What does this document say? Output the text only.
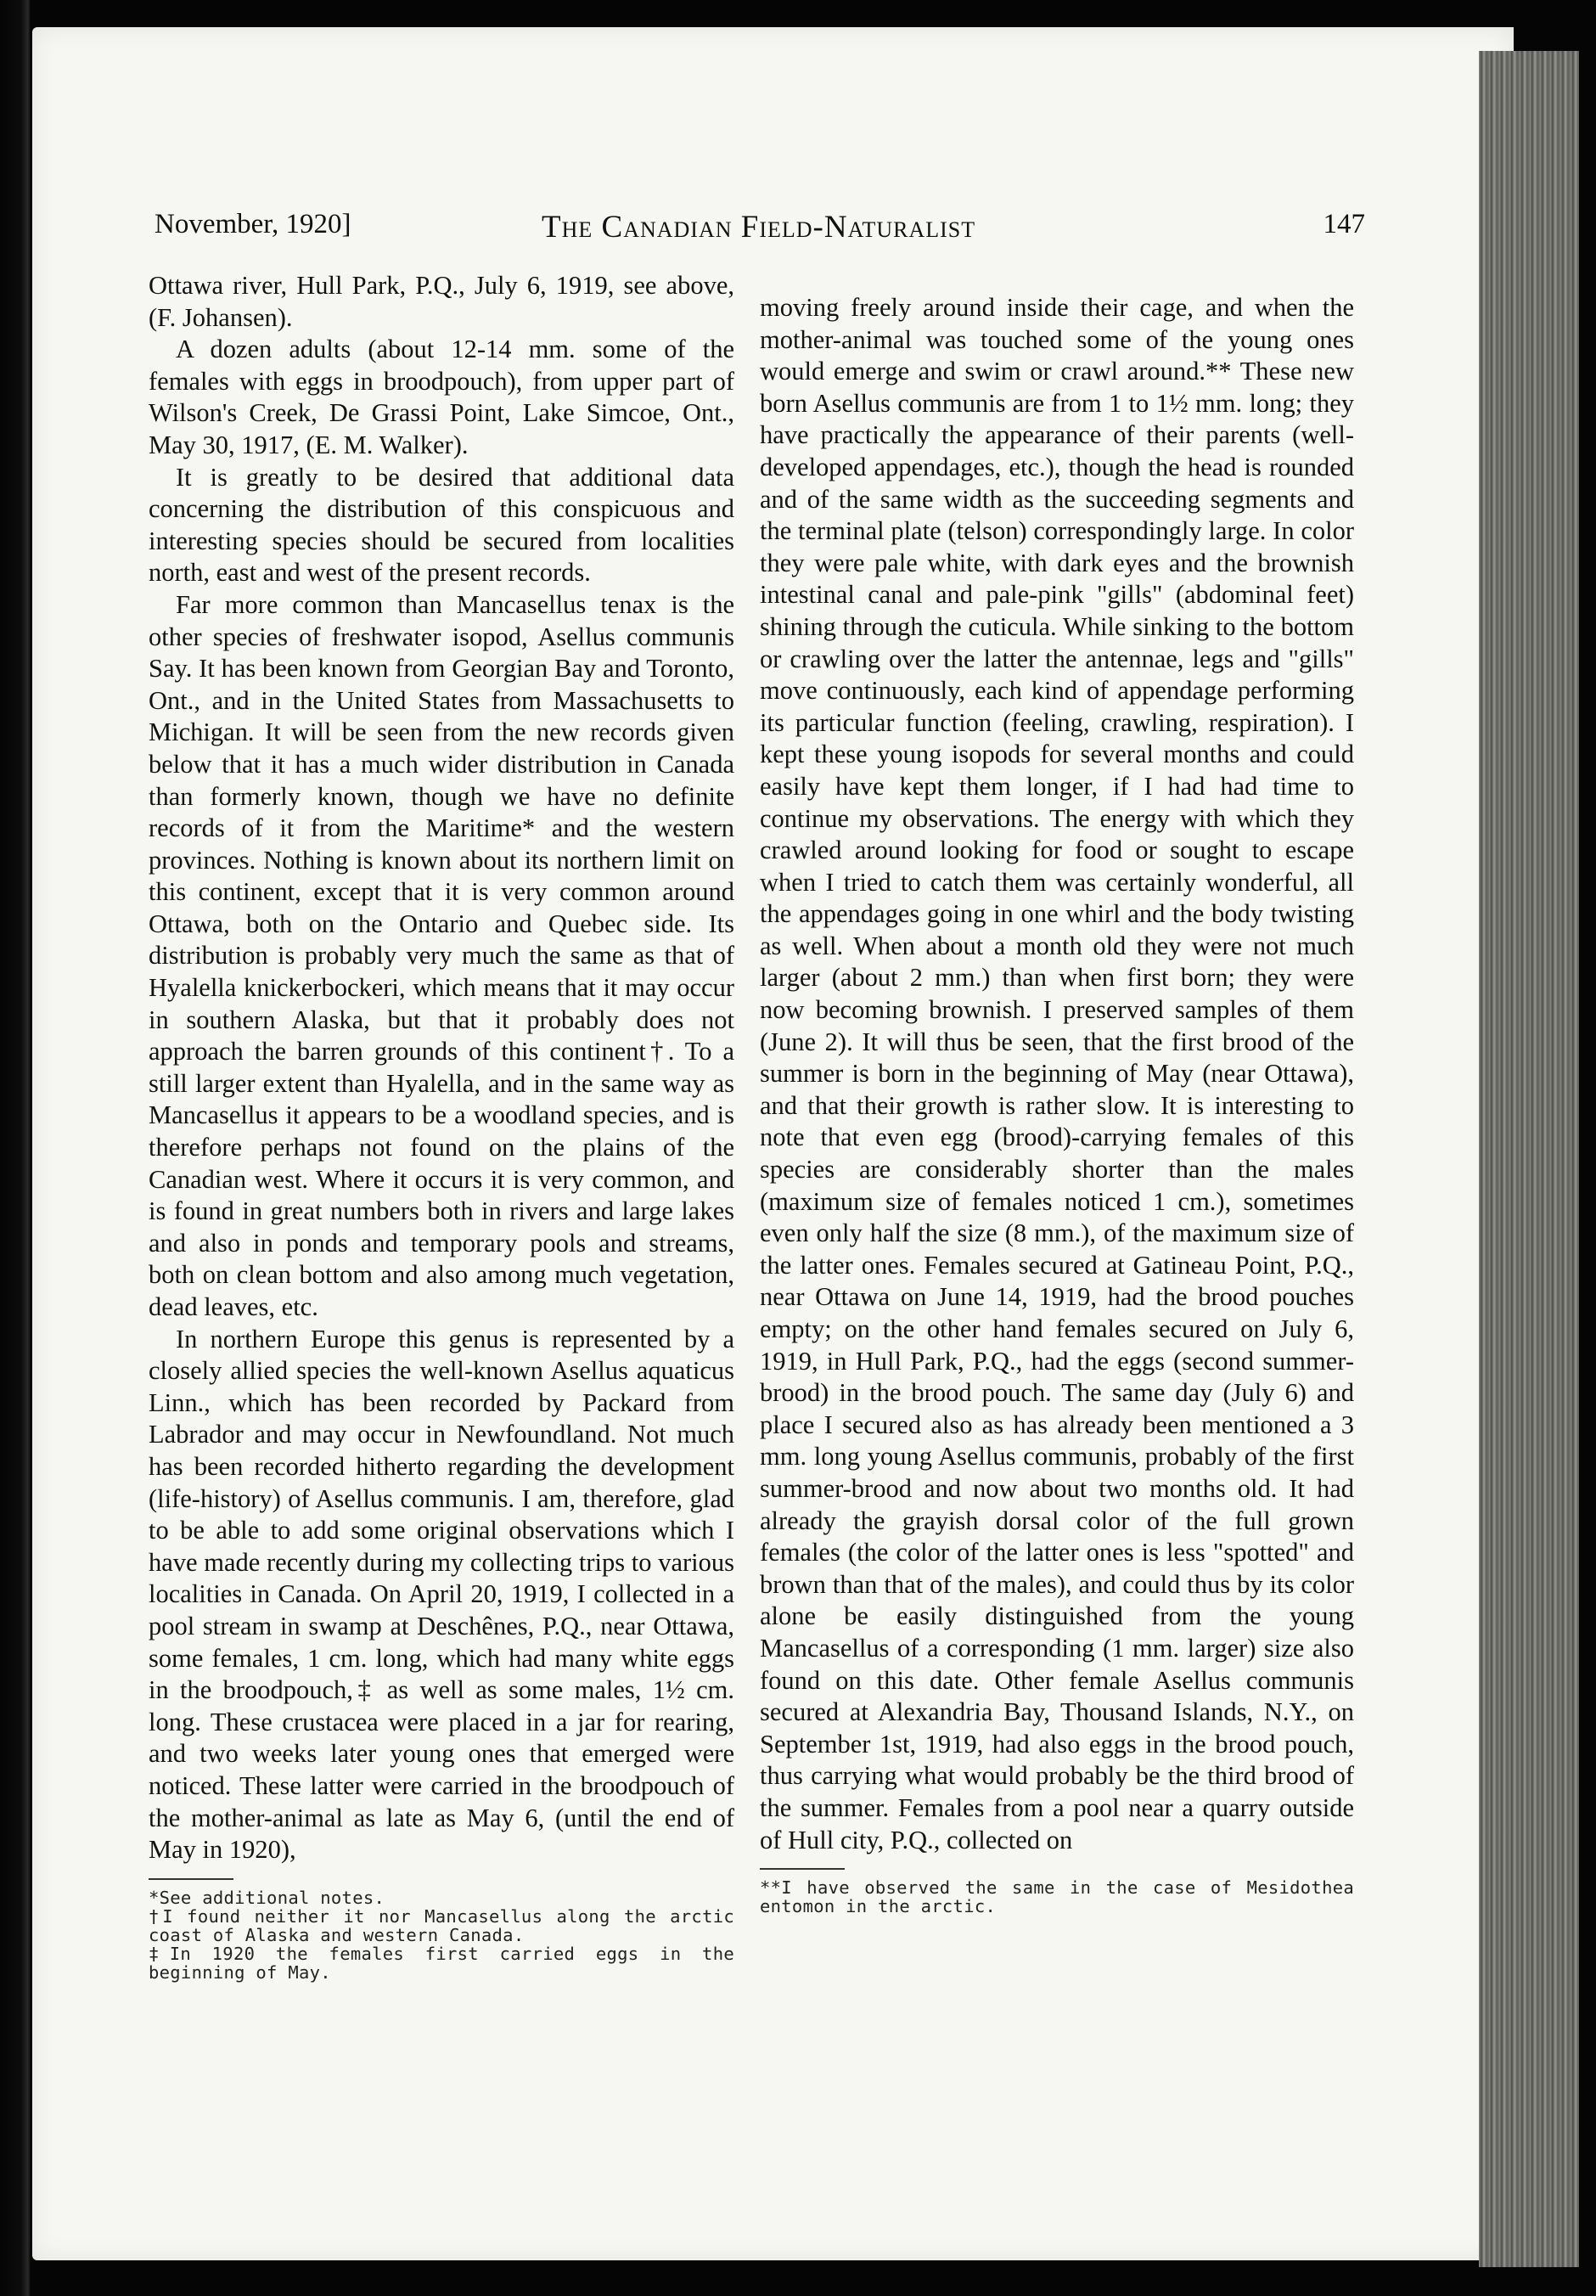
November, 1920]	The Canadian Field-Naturalist	147

Ottawa river, Hull Park, P.Q., July 6, 1919, see above, (F. Johansen).

A dozen adults (about 12-14 mm. some of the females with eggs in broodpouch), from upper part of Wilson's Creek, De Grassi Point, Lake Simcoe, Ont., May 30, 1917, (E. M. Walker).

It is greatly to be desired that additional data concerning the distribution of this conspicuous and interesting species should be secured from localities north, east and west of the present records.

Far more common than Mancasellus tenax is the other species of freshwater isopod, Asellus communis Say. It has been known from Georgian Bay and Toronto, Ont., and in the United States from Massachusetts to Michigan. It will be seen from the new records given below that it has a much wider distribution in Canada than formerly known, though we have no definite records of it from the Maritime* and the western provinces. Nothing is known about its northern limit on this continent, except that it is very common around Ottawa, both on the Ontario and Quebec side. Its distribution is probably very much the same as that of Hyalella knickerbockeri, which means that it may occur in southern Alaska, but that it probably does not approach the barren grounds of this continent†. To a still larger extent than Hyalella, and in the same way as Mancasellus it appears to be a woodland species, and is therefore perhaps not found on the plains of the Canadian west. Where it occurs it is very common, and is found in great numbers both in rivers and large lakes and also in ponds and temporary pools and streams, both on clean bottom and also among much vegetation, dead leaves, etc.

In northern Europe this genus is represented by a closely allied species the well-known Asellus aquaticus Linn., which has been recorded by Packard from Labrador and may occur in Newfoundland. Not much has been recorded hitherto regarding the development (life-history) of Asellus communis. I am, therefore, glad to be able to add some original observations which I have made recently during my collecting trips to various localities in Canada. On April 20, 1919, I collected in a pool stream in swamp at Deschênes, P.Q., near Ottawa, some females, 1 cm. long, which had many white eggs in the broodpouch,‡ as well as some males, 1½ cm. long. These crustacea were placed in a jar for rearing, and two weeks later young ones that emerged were noticed. These latter were carried in the broodpouch of the mother-animal as late as May 6, (until the end of May in 1920),

*See additional notes.

†I found neither it nor Mancasellus along the arctic coast of Alaska and western Canada.

‡In 1920 the females first carried eggs in the beginning of May.

moving freely around inside their cage, and when the mother-animal was touched some of the young ones would emerge and swim or crawl around.** These new born Asellus communis are from 1 to 1½ mm. long; they have practically the appearance of their parents (well-developed appendages, etc.), though the head is rounded and of the same width as the succeeding segments and the terminal plate (telson) correspondingly large. In color they were pale white, with dark eyes and the brownish intestinal canal and pale-pink "gills" (abdominal feet) shining through the cuticula. While sinking to the bottom or crawling over the latter the antennae, legs and "gills" move continuously, each kind of appendage performing its particular function (feeling, crawling, respiration). I kept these young isopods for several months and could easily have kept them longer, if I had had time to continue my observations. The energy with which they crawled around looking for food or sought to escape when I tried to catch them was certainly wonderful, all the appendages going in one whirl and the body twisting as well. When about a month old they were not much larger (about 2 mm.) than when first born; they were now becoming brownish. I preserved samples of them (June 2). It will thus be seen, that the first brood of the summer is born in the beginning of May (near Ottawa), and that their growth is rather slow. It is interesting to note that even egg (brood)-carrying females of this species are considerably shorter than the males (maximum size of females noticed 1 cm.), sometimes even only half the size (8 mm.), of the maximum size of the latter ones. Females secured at Gatineau Point, P.Q., near Ottawa on June 14, 1919, had the brood pouches empty; on the other hand females secured on July 6, 1919, in Hull Park, P.Q., had the eggs (second summer-brood) in the brood pouch. The same day (July 6) and place I secured also as has already been mentioned a 3 mm. long young Asellus communis, probably of the first summer-brood and now about two months old. It had already the grayish dorsal color of the full grown females (the color of the latter ones is less "spotted" and brown than that of the males), and could thus by its color alone be easily distinguished from the young Mancasellus of a corresponding (1 mm. larger) size also found on this date. Other female Asellus communis secured at Alexandria Bay, Thousand Islands, N.Y., on September 1st, 1919, had also eggs in the brood pouch, thus carrying what would probably be the third brood of the summer. Females from a pool near a quarry outside of Hull city, P.Q., collected on

**I have observed the same in the case of Mesidothea entomon in the arctic.
